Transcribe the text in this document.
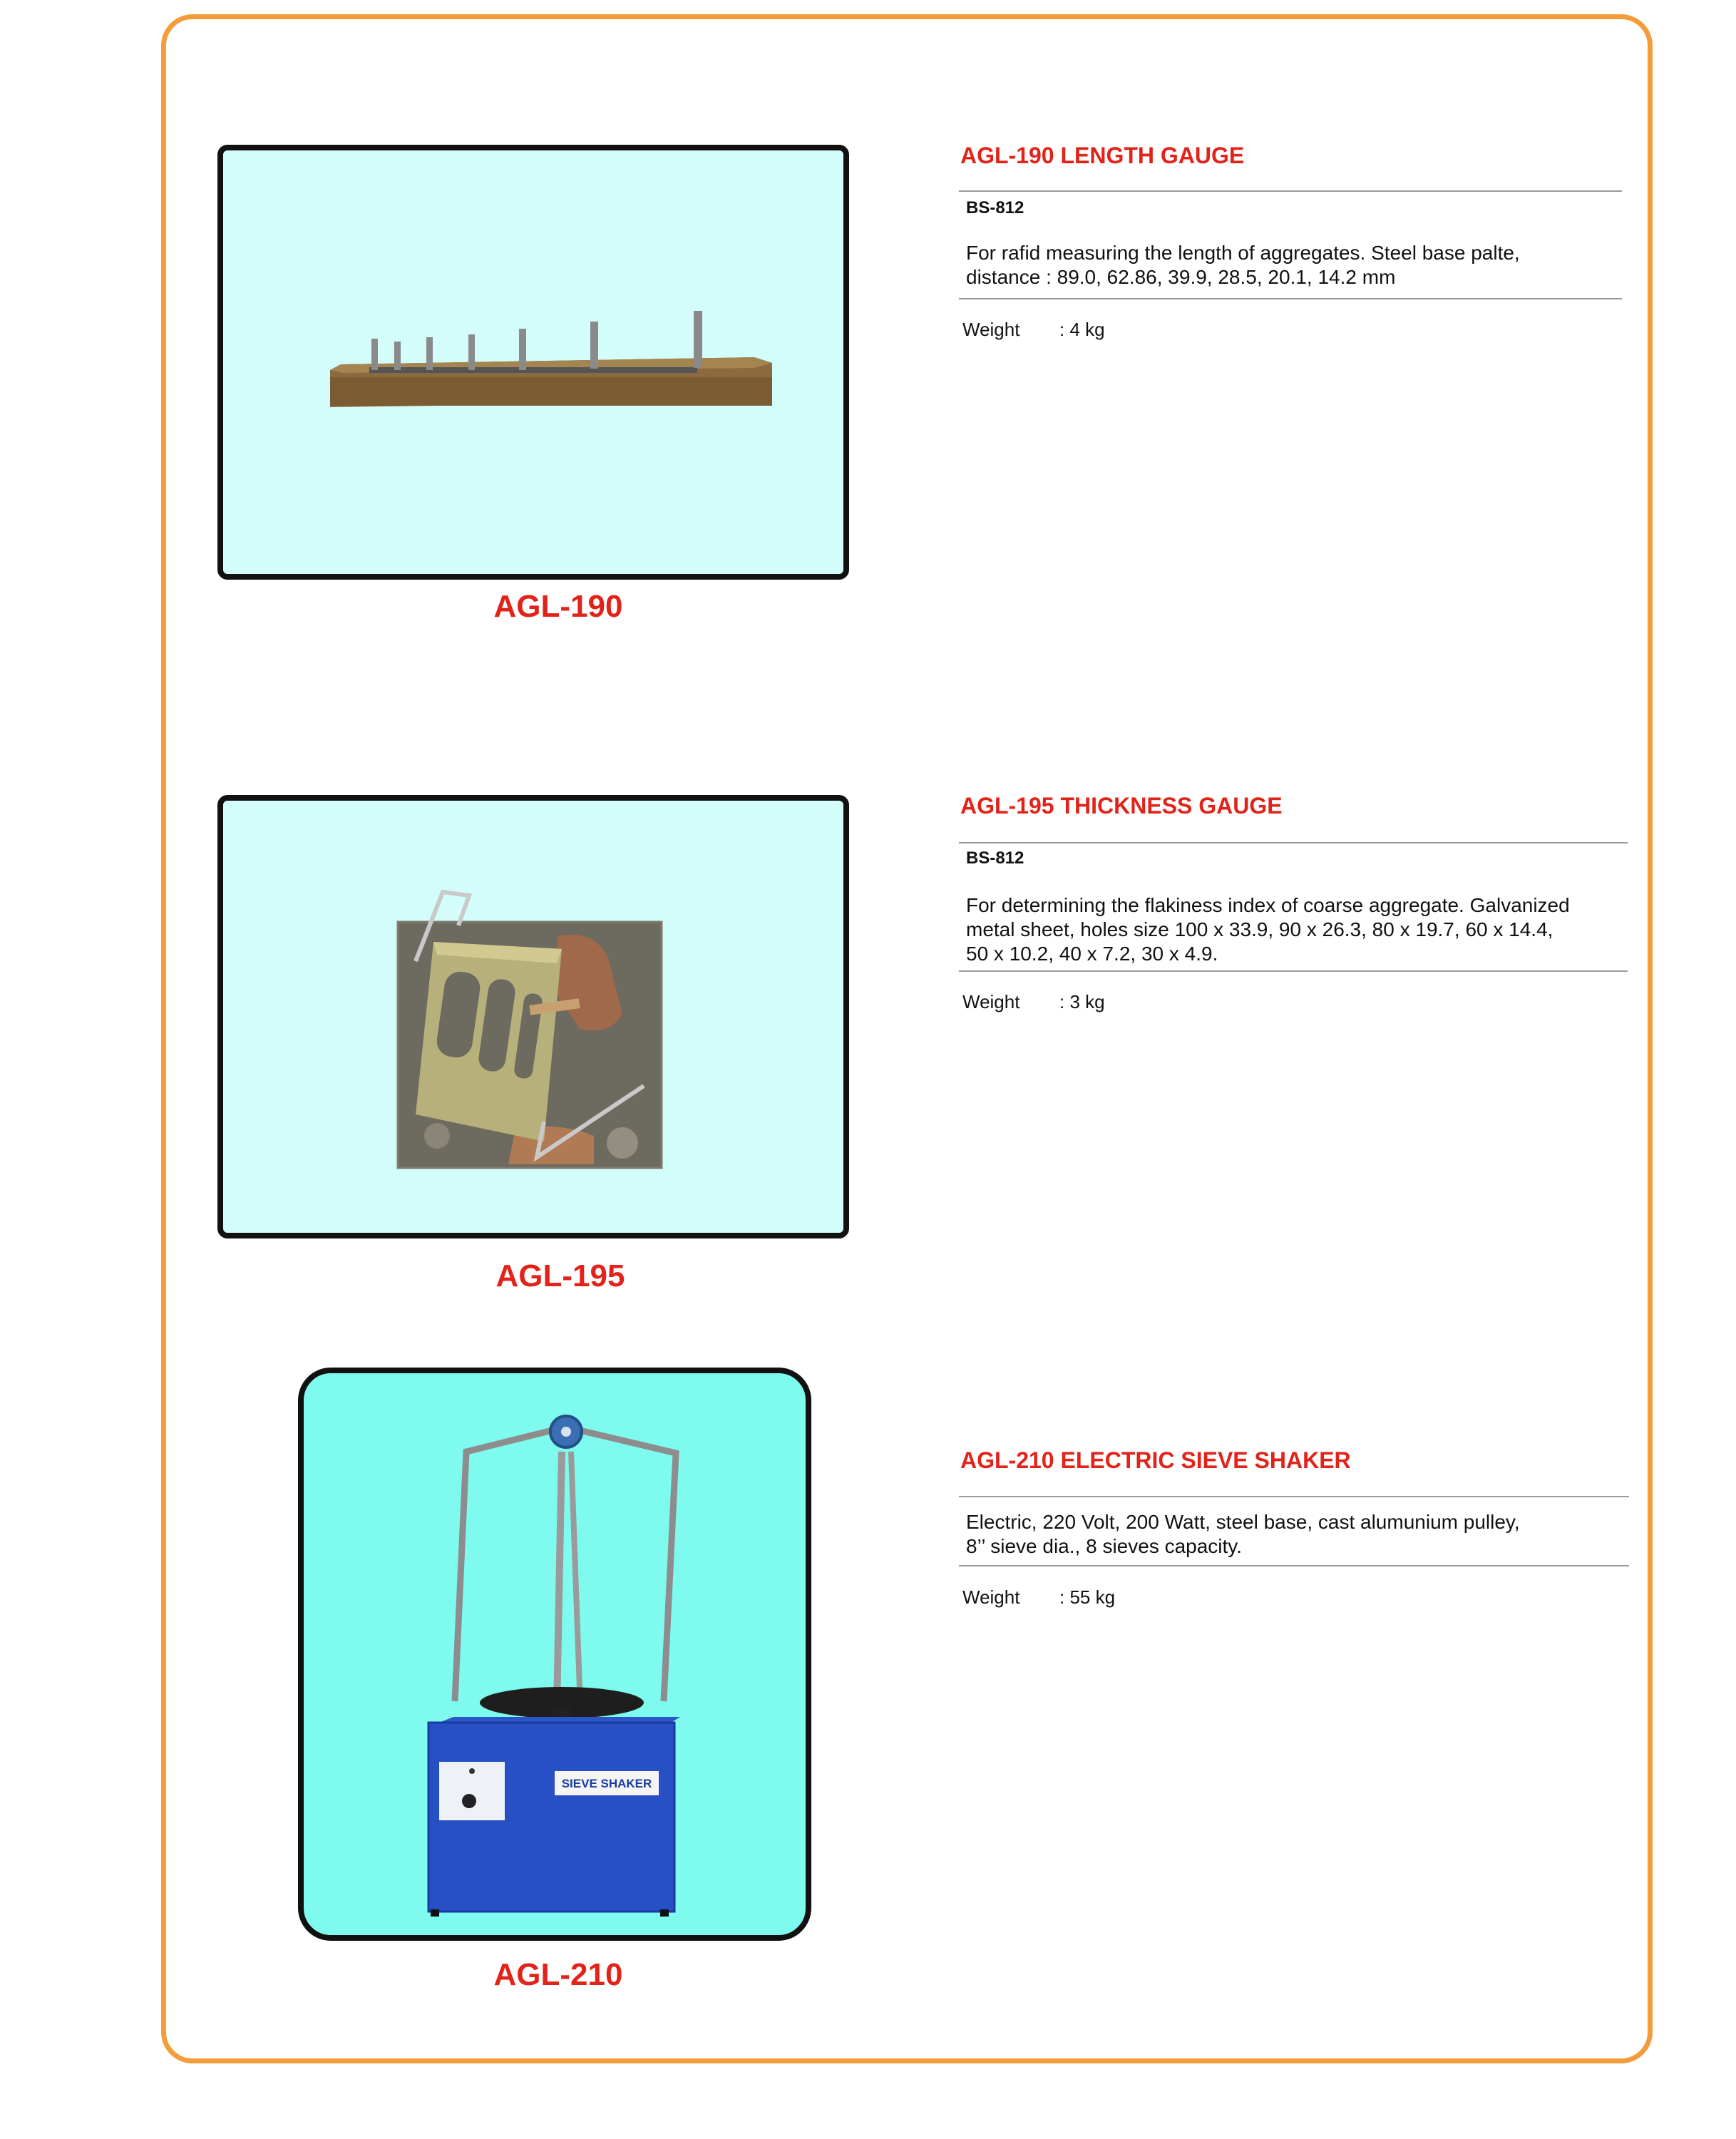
AGL-190
AGL-190 LENGTH GAUGE
BS-812
For rafid measuring the length of aggregates. Steel base palte,
distance : 89.0, 62.86, 39.9, 28.5, 20.1, 14.2 mm
Weight : 4 kg
AGL-195
AGL-195 THICKNESS GAUGE
BS-812
For determining the flakiness index of coarse aggregate. Galvanized
metal sheet, holes size 100 x 33.9, 90 x 26.3, 80 x 19.7, 60 x 14.4,
50 x 10.2, 40 x 7.2, 30 x 4.9.
Weight : 3 kg
SIEVE SHAKER
AGL-210
AGL-210 ELECTRIC SIEVE SHAKER
Electric, 220 Volt, 200 Watt, steel base, cast alumunium pulley,
8’’ sieve dia., 8 sieves capacity.
Weight : 55 kg
